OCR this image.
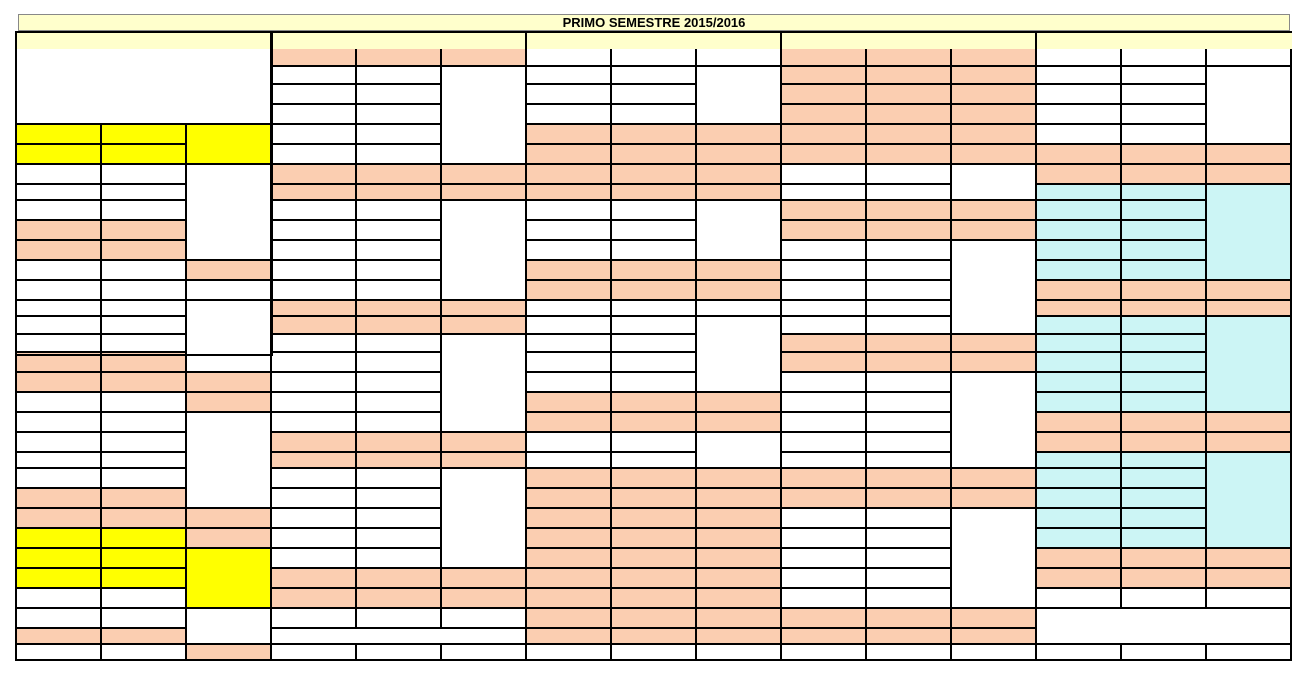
PRIMO SEMESTRE 2015/2016
